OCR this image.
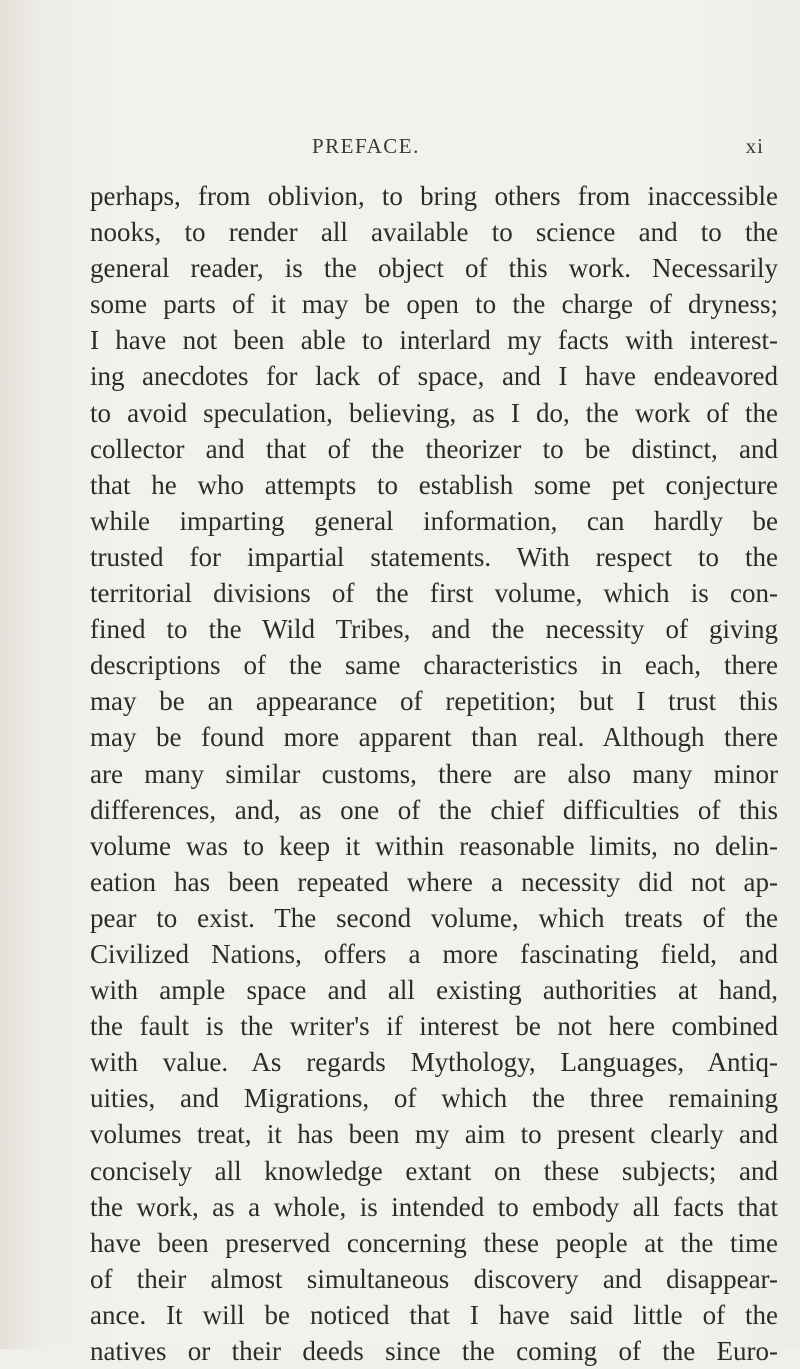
PREFACE.	xi
perhaps, from oblivion, to bring others from inaccessible
nooks, to render all available to science and to the
general reader, is the object of this work. Necessarily
some parts of it may be open to the charge of dryness;
I have not been able to interlard my facts with interest-
ing anecdotes for lack of space, and I have endeavored
to avoid speculation, believing, as I do, the work of the
collector and that of the theorizer to be distinct, and
that he who attempts to establish some pet conjecture
while imparting general information, can hardly be
trusted for impartial statements. With respect to the
territorial divisions of the first volume, which is con-
fined to the Wild Tribes, and the necessity of giving
descriptions of the same characteristics in each, there
may be an appearance of repetition; but I trust this
may be found more apparent than real. Although there
are many similar customs, there are also many minor
differences, and, as one of the chief difficulties of this
volume was to keep it within reasonable limits, no delin-
eation has been repeated where a necessity did not ap-
pear to exist. The second volume, which treats of the
Civilized Nations, offers a more fascinating field, and
with ample space and all existing authorities at hand,
the fault is the writer's if interest be not here combined
with value. As regards Mythology, Languages, Antiq-
uities, and Migrations, of which the three remaining
volumes treat, it has been my aim to present clearly and
concisely all knowledge extant on these subjects; and
the work, as a whole, is intended to embody all facts that
have been preserved concerning these people at the time
of their almost simultaneous discovery and disappear-
ance. It will be noticed that I have said little of the
natives or their deeds since the coming of the Euro-
